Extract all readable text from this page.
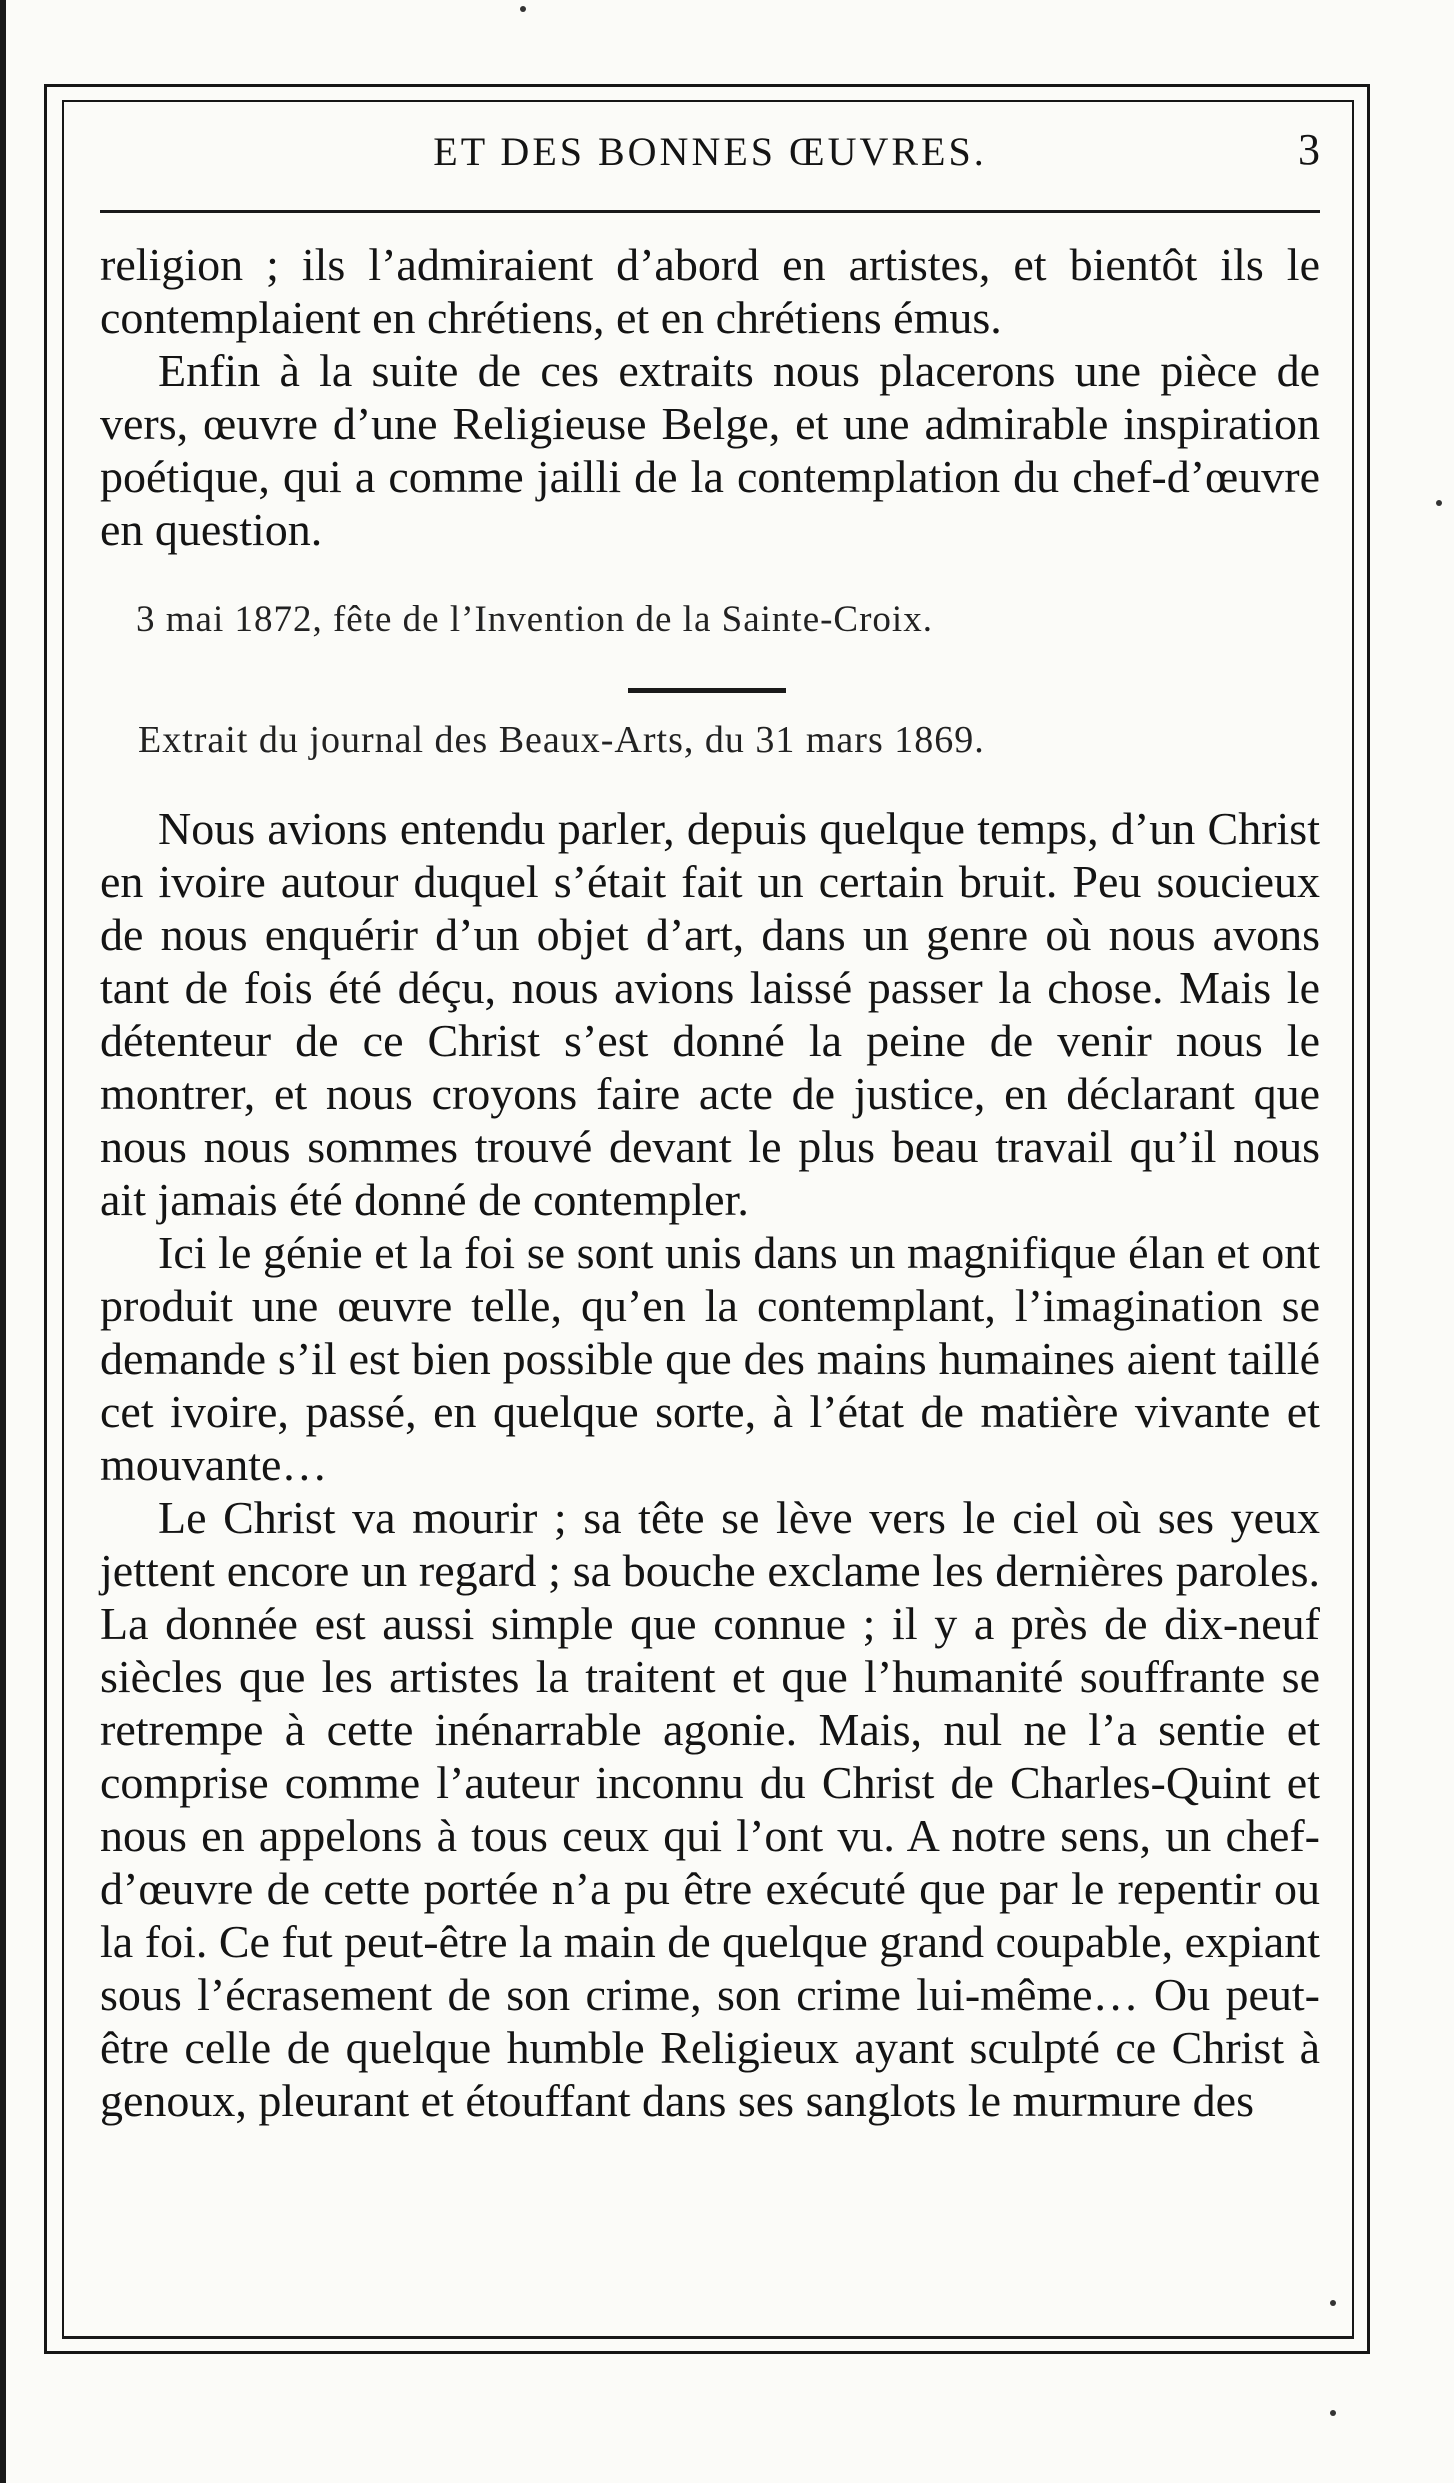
ET DES BONNES ŒUVRES.	3

religion ; ils l’admiraient d’abord en artistes, et bientôt ils le contemplaient en chrétiens, et en chrétiens émus.

Enfin à la suite de ces extraits nous placerons une pièce de vers, œuvre d’une Religieuse Belge, et une admirable inspiration poétique, qui a comme jailli de la contemplation du chef-d’œuvre en question.

3 mai 1872, fête de l’Invention de la Sainte-Croix.
Extrait du journal des Beaux-Arts, du 31 mars 1869.

Nous avions entendu parler, depuis quelque temps, d’un Christ en ivoire autour duquel s’était fait un certain bruit. Peu soucieux de nous enquérir d’un objet d’art, dans un genre où nous avons tant de fois été déçu, nous avions laissé passer la chose. Mais le détenteur de ce Christ s’est donné la peine de venir nous le montrer, et nous croyons faire acte de justice, en déclarant que nous nous sommes trouvé devant le plus beau travail qu’il nous ait jamais été donné de contempler.

Ici le génie et la foi se sont unis dans un magnifique élan et ont produit une œuvre telle, qu’en la contemplant, l’imagination se demande s’il est bien possible que des mains humaines aient taillé cet ivoire, passé, en quelque sorte, à l’état de matière vivante et mouvante…

Le Christ va mourir ; sa tête se lève vers le ciel où ses yeux jettent encore un regard ; sa bouche exclame les dernières paroles. La donnée est aussi simple que connue ; il y a près de dix-neuf siècles que les artistes la traitent et que l’humanité souffrante se retrempe à cette inénarrable agonie. Mais, nul ne l’a sentie et comprise comme l’auteur inconnu du Christ de Charles-Quint et nous en appelons à tous ceux qui l’ont vu. A notre sens, un chef-d’œuvre de cette portée n’a pu être exécuté que par le repentir ou la foi. Ce fut peut-être la main de quelque grand coupable, expiant sous l’écrasement de son crime, son crime lui-même… Ou peut-être celle de quelque humble Religieux ayant sculpté ce Christ à genoux, pleurant et étouffant dans ses sanglots le murmure des
